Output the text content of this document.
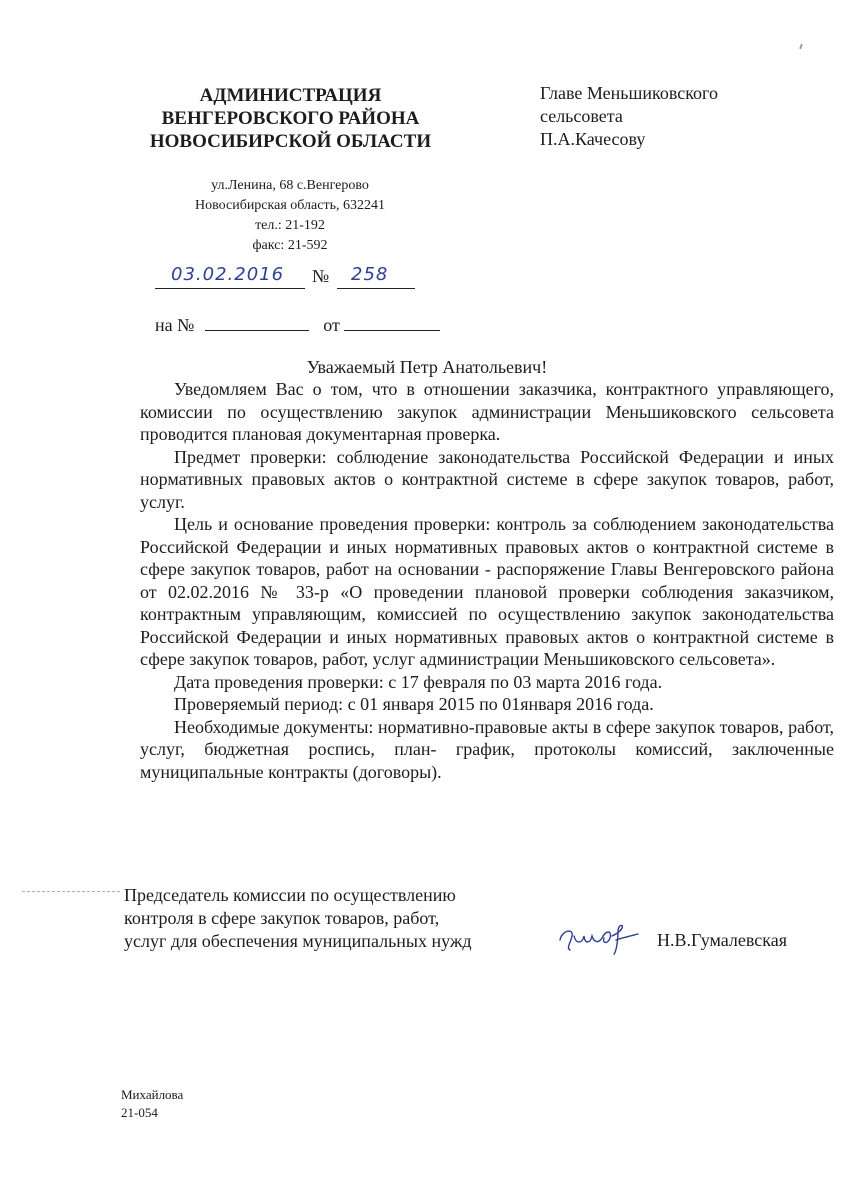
АДМИНИСТРАЦИЯ
ВЕНГЕРОВСКОГО РАЙОНА
НОВОСИБИРСКОЙ ОБЛАСТИ
ул.Ленина, 68 с.Венгерово
Новосибирская область, 632241
тел.: 21-192
факс: 21-592
Главе Меньшиковского
сельсовета
П.А.Качесову
03.02.2016 № 258
на №	от
Уважаемый Петр Анатольевич!

Уведомляем Вас о том, что в отношении заказчика, контрактного управляющего, комиссии по осуществлению закупок администрации Меньшиковского сельсовета проводится плановая документарная проверка.

Предмет проверки: соблюдение законодательства Российской Федерации и иных нормативных правовых актов о контрактной системе в сфере закупок товаров, работ, услуг.

Цель и основание проведения проверки: контроль за соблюдением законодательства Российской Федерации и иных нормативных правовых актов о контрактной системе в сфере закупок товаров, работ на основании - распоряжение Главы Венгеровского района от 02.02.2016 № 33-р «О проведении плановой проверки соблюдения заказчиком, контрактным управляющим, комиссией по осуществлению закупок законодательства Российской Федерации и иных нормативных правовых актов о контрактной системе в сфере закупок товаров, работ, услуг администрации Меньшиковского сельсовета».

Дата проведения проверки: с 17 февраля по 03 марта 2016 года.

Проверяемый период: с 01 января 2015 по 01января 2016 года.

Необходимые документы: нормативно-правовые акты в сфере закупок товаров, работ, услуг, бюджетная роспись, план- график, протоколы комиссий, заключенные муниципальные контракты (договоры).

Председатель комиссии по осуществлению
контроля в сфере закупок товаров, работ,
услуг для обеспечения муниципальных нужд	Н.В.Гумалевская
Михайлова
21-054
